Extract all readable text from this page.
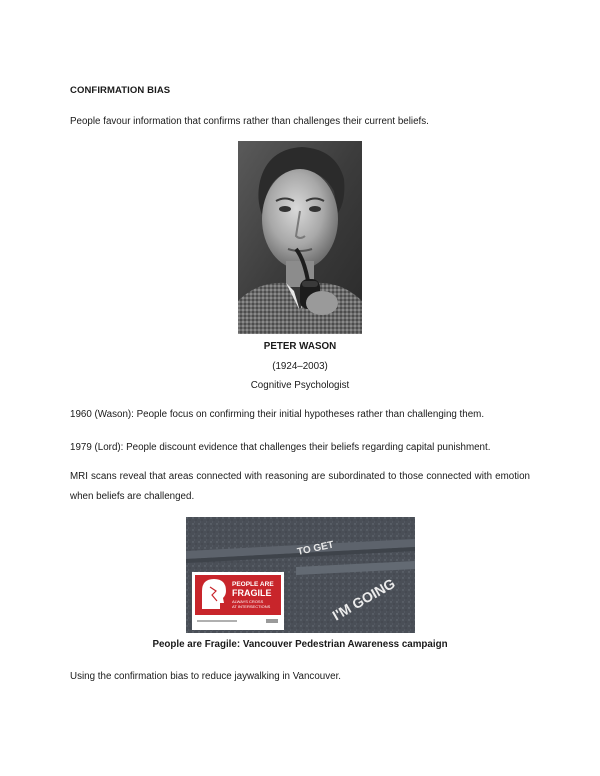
CONFIRMATION BIAS
People favour information that confirms rather than challenges their current beliefs.
PETER WASON
(1924–2003)
Cognitive Psychologist
1960 (Wason): People focus on confirming their initial hypotheses rather than challenging them.
1979 (Lord): People discount evidence that challenges their beliefs regarding capital punishment.
MRI scans reveal that areas connected with reasoning are subordinated to those connected with emotion when beliefs are challenged.
TO GET
I'M GOING
PEOPLE ARE
FRAGILE
ALWAYS CROSS
AT INTERSECTIONS
People are Fragile: Vancouver Pedestrian Awareness campaign
Using the confirmation bias to reduce jaywalking in Vancouver.
